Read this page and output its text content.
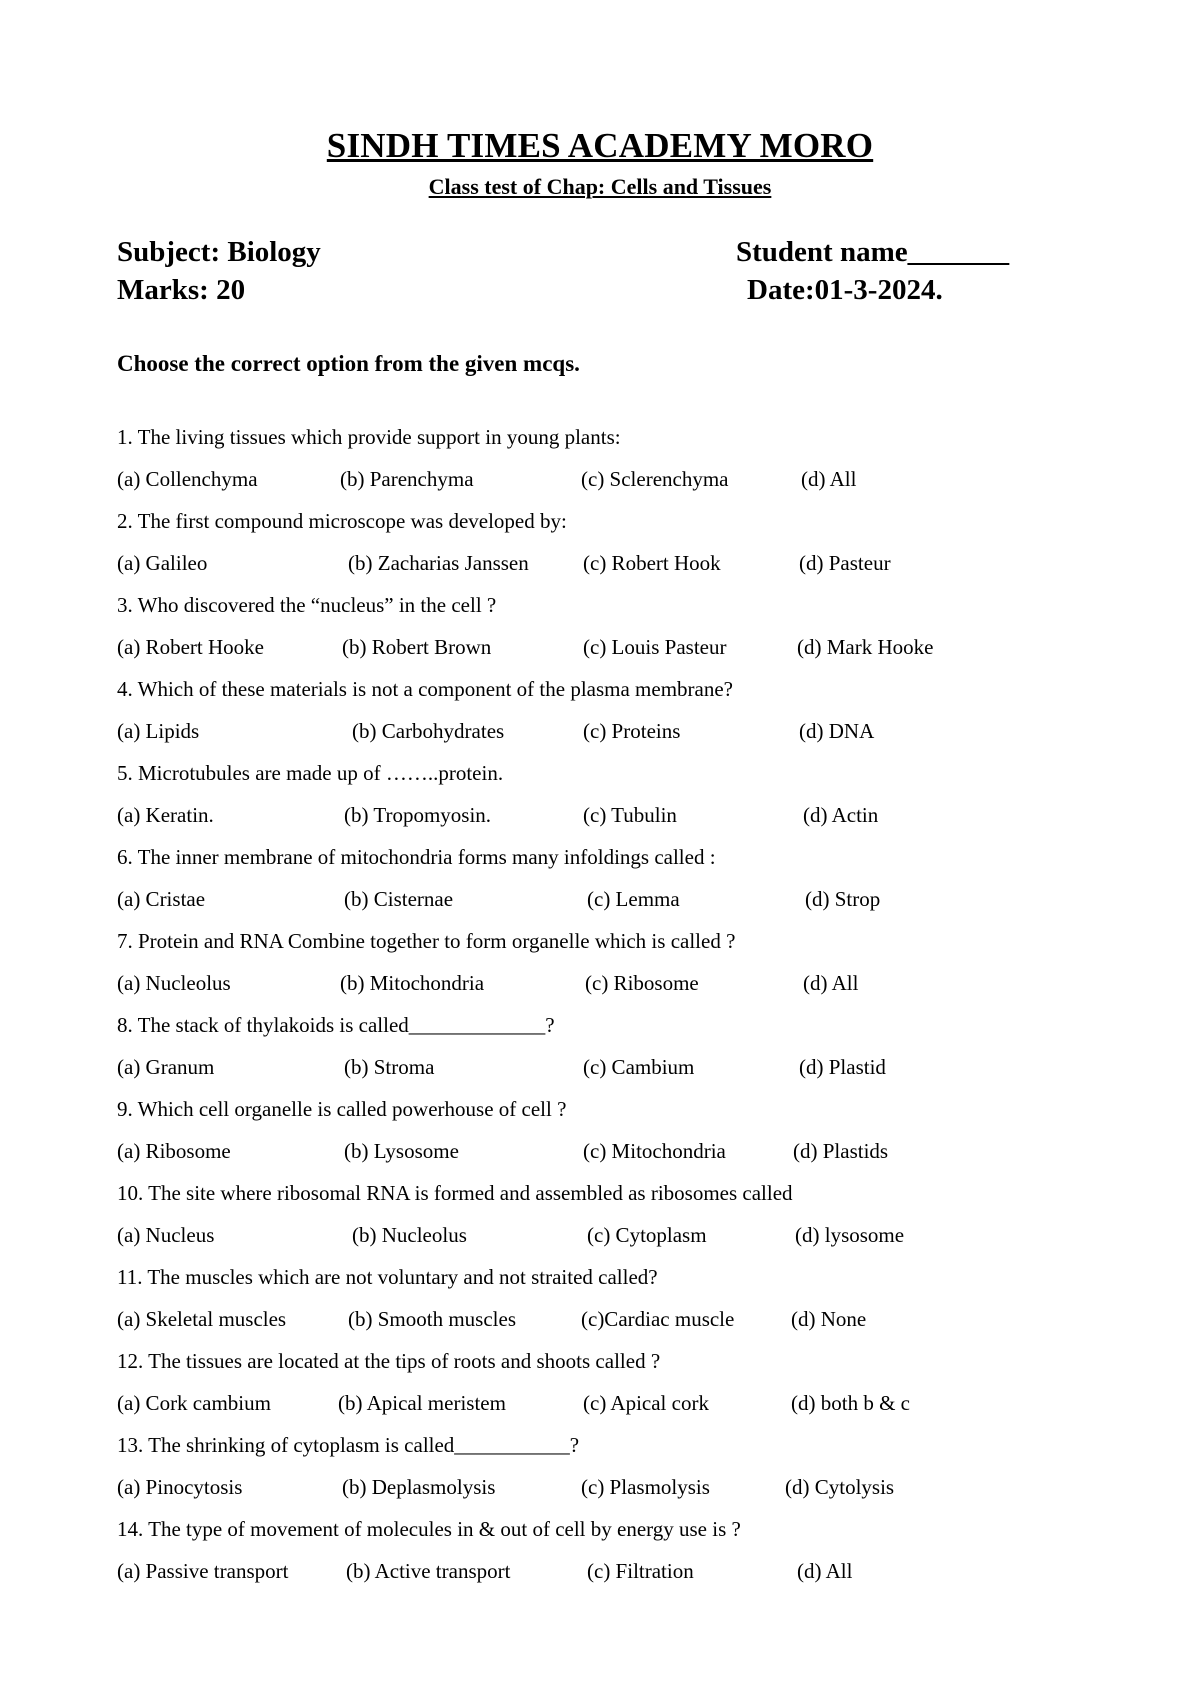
SINDH TIMES ACADEMY MORO
Class test of Chap: Cells and Tissues
Subject: Biology	Student name_______
Marks: 20	Date:01-3-2024.
Choose the correct option from the given mcqs.
1. The living tissues which provide support in young plants:
(a) Collenchyma	(b) Parenchyma	(c) Sclerenchyma	(d) All
2. The first compound microscope was developed by:
(a) Galileo	(b) Zacharias Janssen	(c) Robert Hook	(d) Pasteur
3. Who discovered the “nucleus” in the cell ?
(a) Robert Hooke	(b) Robert Brown	(c) Louis Pasteur	(d) Mark Hooke
4. Which of these materials is not a component of the plasma membrane?
(a) Lipids	(b) Carbohydrates	(c) Proteins	(d) DNA
5. Microtubules are made up of ……..protein.
(a) Keratin.	(b) Tropomyosin.	(c) Tubulin	(d) Actin
6. The inner membrane of mitochondria forms many infoldings called :
(a) Cristae	(b) Cisternae	(c) Lemma	(d) Strop
7. Protein and RNA Combine together to form organelle which is called ?
(a) Nucleolus	(b) Mitochondria	(c) Ribosome	(d) All
8. The stack of thylakoids is called_____________?
(a) Granum	(b) Stroma	(c) Cambium	(d) Plastid
9. Which cell organelle is called powerhouse of cell ?
(a) Ribosome	(b) Lysosome	(c) Mitochondria	(d) Plastids
10. The site where ribosomal RNA is formed and assembled as ribosomes called
(a) Nucleus	(b) Nucleolus	(c) Cytoplasm	(d) lysosome
11. The muscles which are not voluntary and not straited called?
(a) Skeletal muscles	(b) Smooth muscles	(c)Cardiac muscle	(d) None
12. The tissues are located at the tips of roots and shoots called ?
(a) Cork cambium	(b) Apical meristem	(c) Apical cork	(d) both b & c
13. The shrinking of cytoplasm is called___________?
(a) Pinocytosis	(b) Deplasmolysis	(c) Plasmolysis	(d) Cytolysis
14. The type of movement of molecules in & out of cell by energy use is ?
(a) Passive transport	(b) Active transport	(c) Filtration	(d) All
